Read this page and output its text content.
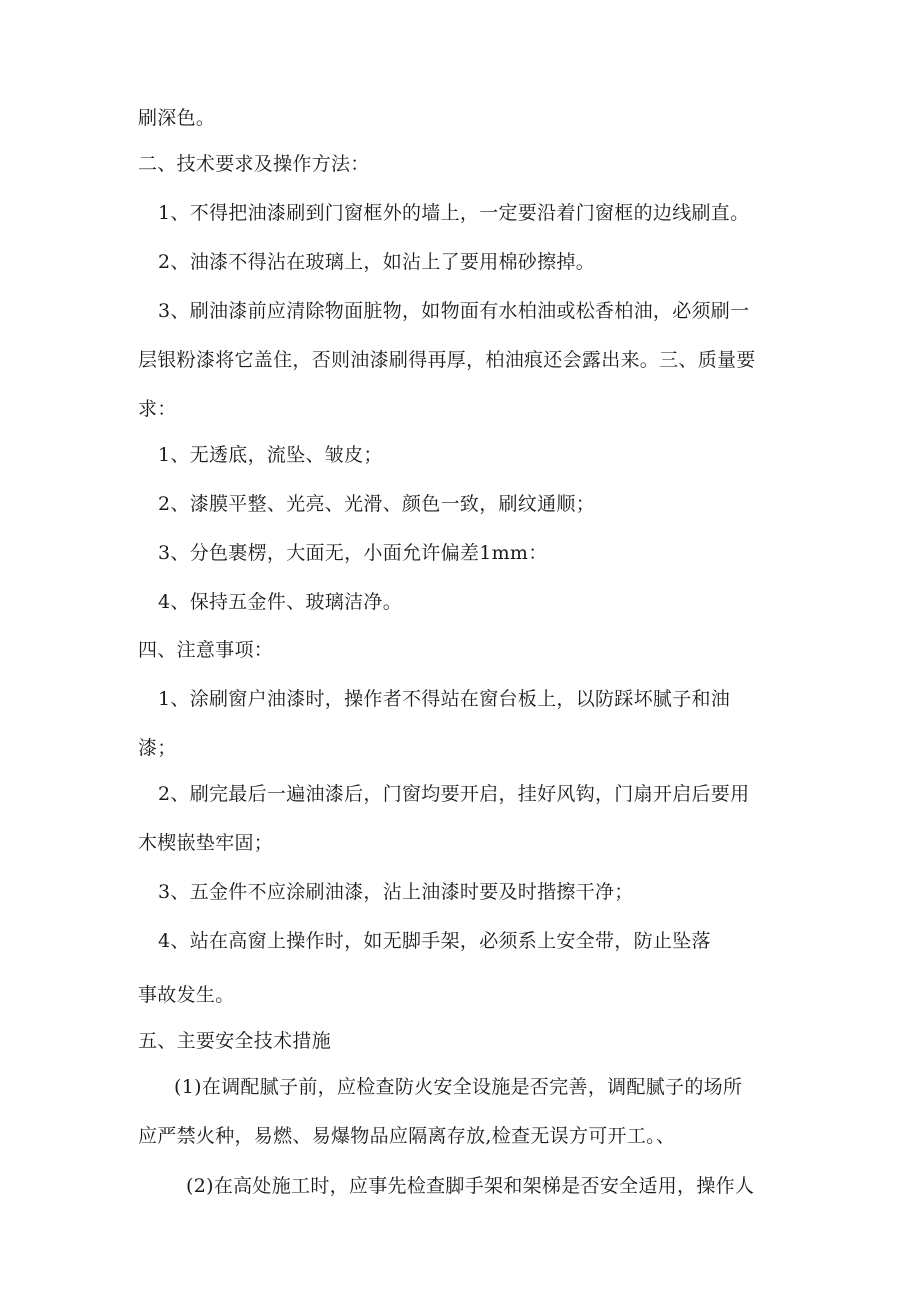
刷深色。
二、技术要求及操作方法：
1、不得把油漆刷到门窗框外的墙上，一定要沿着门窗框的边线刷直。
2、油漆不得沾在玻璃上，如沾上了要用棉砂擦掉。
3、刷油漆前应清除物面脏物，如物面有水柏油或松香柏油，必须刷一
层银粉漆将它盖住，否则油漆刷得再厚，柏油痕还会露出来。三、质量要
求：
1、无透底，流坠、皱皮；
2、漆膜平整、光亮、光滑、颜色一致，刷纹通顺；
3、分色裹楞，大面无，小面允许偏差1mm：
4、保持五金件、玻璃洁净。
四、注意事项：
1、涂刷窗户油漆时，操作者不得站在窗台板上，以防踩坏腻子和油
漆；
2、刷完最后一遍油漆后，门窗均要开启，挂好风钩，门扇开启后要用
木楔嵌垫牢固；
3、五金件不应涂刷油漆，沾上油漆时要及时揩擦干净；
4、站在高窗上操作时，如无脚手架，必须系上安全带，防止坠落
事故发生。
五、主要安全技术措施
(1)在调配腻子前，应检查防火安全设施是否完善，调配腻子的场所
应严禁火种，易燃、易爆物品应隔离存放,检查无误方可开工。、
(2)在高处施工时，应事先检查脚手架和架梯是否安全适用，操作人
